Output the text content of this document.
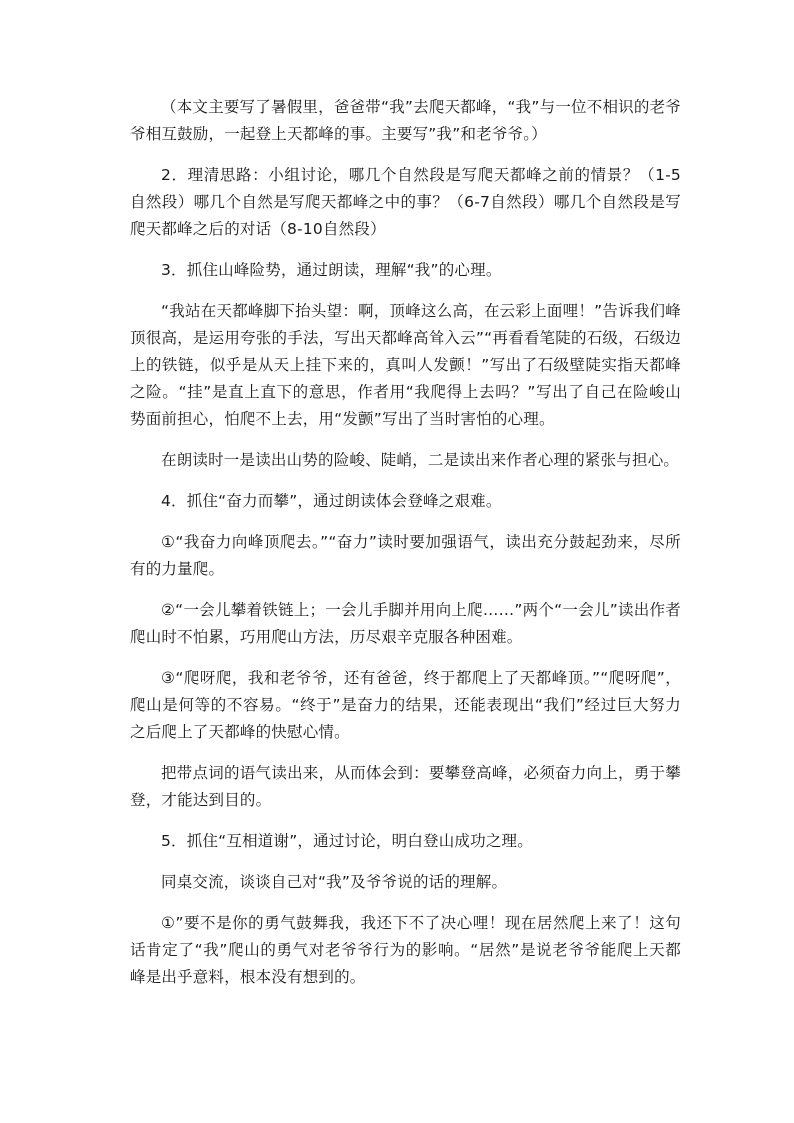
（本文主要写了暑假里，爸爸带“我”去爬天都峰，“我”与一位不相识的老爷爷相互鼓励，一起登上天都峰的事。主要写”我”和老爷爷。）

2．理清思路：小组讨论，哪几个自然段是写爬天都峰之前的情景？（1-5自然段）哪几个自然是写爬天都峰之中的事？（6-7自然段）哪几个自然段是写爬天都峰之后的对话（8-10自然段）

3．抓住山峰险势，通过朗读，理解“我”的心理。

“我站在天都峰脚下抬头望：啊，顶峰这么高，在云彩上面哩！”告诉我们峰顶很高，是运用夸张的手法，写出天都峰高耸入云”“再看看笔陡的石级，石级边上的铁链，似乎是从天上挂下来的，真叫人发颤！”写出了石级壁陡实指天都峰之险。“挂”是直上直下的意思，作者用“我爬得上去吗？”写出了自己在险峻山势面前担心，怕爬不上去，用“发颤”写出了当时害怕的心理。

在朗读时一是读出山势的险峻、陡峭，二是读出来作者心理的紧张与担心。

4．抓住“奋力而攀”，通过朗读体会登峰之艰难。

①“我奋力向峰顶爬去。”“奋力”读时要加强语气，读出充分鼓起劲来，尽所有的力量爬。

②“一会儿攀着铁链上；一会儿手脚并用向上爬……”两个“一会儿”读出作者爬山时不怕累，巧用爬山方法，历尽艰辛克服各种困难。

③“爬呀爬，我和老爷爷，还有爸爸，终于都爬上了天都峰顶。”“爬呀爬”，爬山是何等的不容易。“终于”是奋力的结果，还能表现出“我们”经过巨大努力之后爬上了天都峰的快慰心情。

把带点词的语气读出来，从而体会到：要攀登高峰，必须奋力向上，勇于攀登，才能达到目的。

5．抓住“互相道谢”，通过讨论，明白登山成功之理。

同桌交流，谈谈自己对“我”及爷爷说的话的理解。

①”要不是你的勇气鼓舞我，我还下不了决心哩！现在居然爬上来了！这句话肯定了“我”爬山的勇气对老爷爷行为的影响。“居然”是说老爷爷能爬上天都峰是出乎意料，根本没有想到的。
